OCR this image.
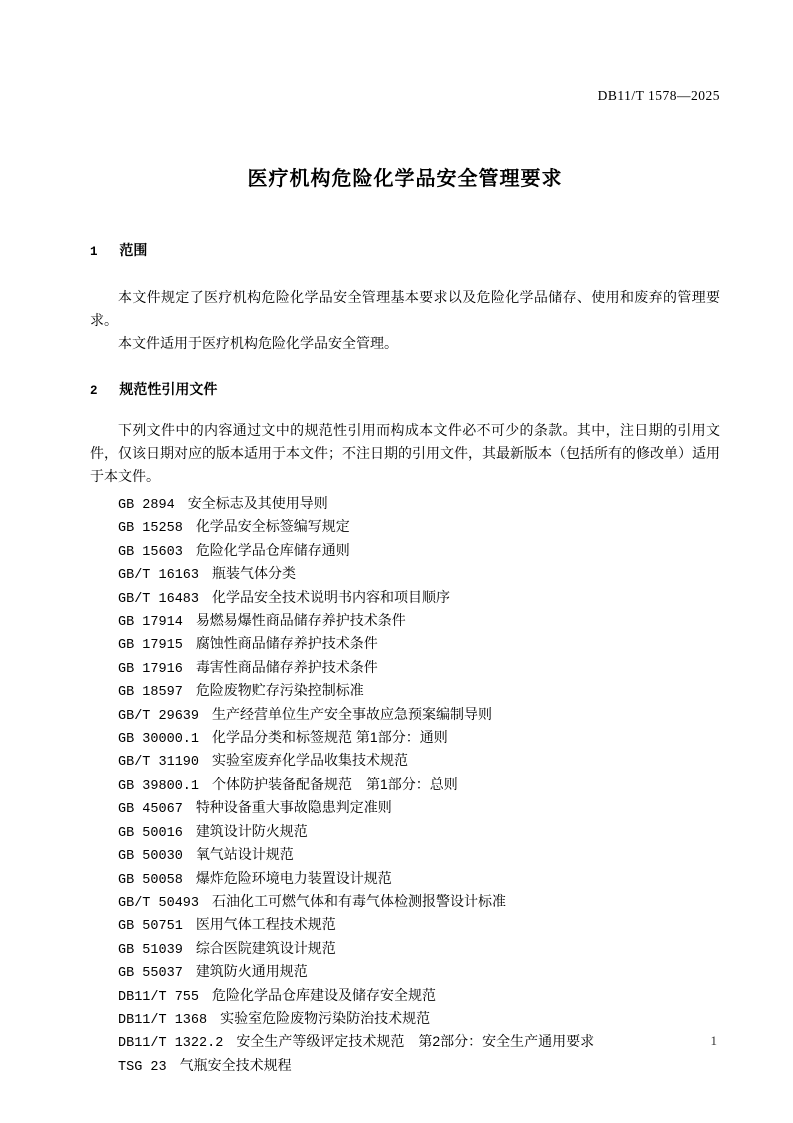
DB11/T 1578—2025
医疗机构危险化学品安全管理要求
1 范围

本文件规定了医疗机构危险化学品安全管理基本要求以及危险化学品储存、使用和废弃的管理要求。

本文件适用于医疗机构危险化学品安全管理。

2 规范性引用文件

下列文件中的内容通过文中的规范性引用而构成本文件必不可少的条款。其中，注日期的引用文件，仅该日期对应的版本适用于本文件；不注日期的引用文件，其最新版本（包括所有的修改单）适用于本文件。

GB 2894 安全标志及其使用导则
GB 15258 化学品安全标签编写规定
GB 15603 危险化学品仓库储存通则
GB/T 16163 瓶装气体分类
GB/T 16483 化学品安全技术说明书内容和项目顺序
GB 17914 易燃易爆性商品储存养护技术条件
GB 17915 腐蚀性商品储存养护技术条件
GB 17916 毒害性商品储存养护技术条件
GB 18597 危险废物贮存污染控制标准
GB/T 29639 生产经营单位生产安全事故应急预案编制导则
GB 30000.1 化学品分类和标签规范 第1部分：通则
GB/T 31190 实验室废弃化学品收集技术规范
GB 39800.1 个体防护装备配备规范　第1部分：总则
GB 45067 特种设备重大事故隐患判定准则
GB 50016 建筑设计防火规范
GB 50030 氧气站设计规范
GB 50058 爆炸危险环境电力装置设计规范
GB/T 50493 石油化工可燃气体和有毒气体检测报警设计标准
GB 50751 医用气体工程技术规范
GB 51039 综合医院建筑设计规范
GB 55037 建筑防火通用规范
DB11/T 755 危险化学品仓库建设及储存安全规范
DB11/T 1368 实验室危险废物污染防治技术规范
DB11/T 1322.2 安全生产等级评定技术规范　第2部分：安全生产通用要求
TSG 23 气瓶安全技术规程
1
